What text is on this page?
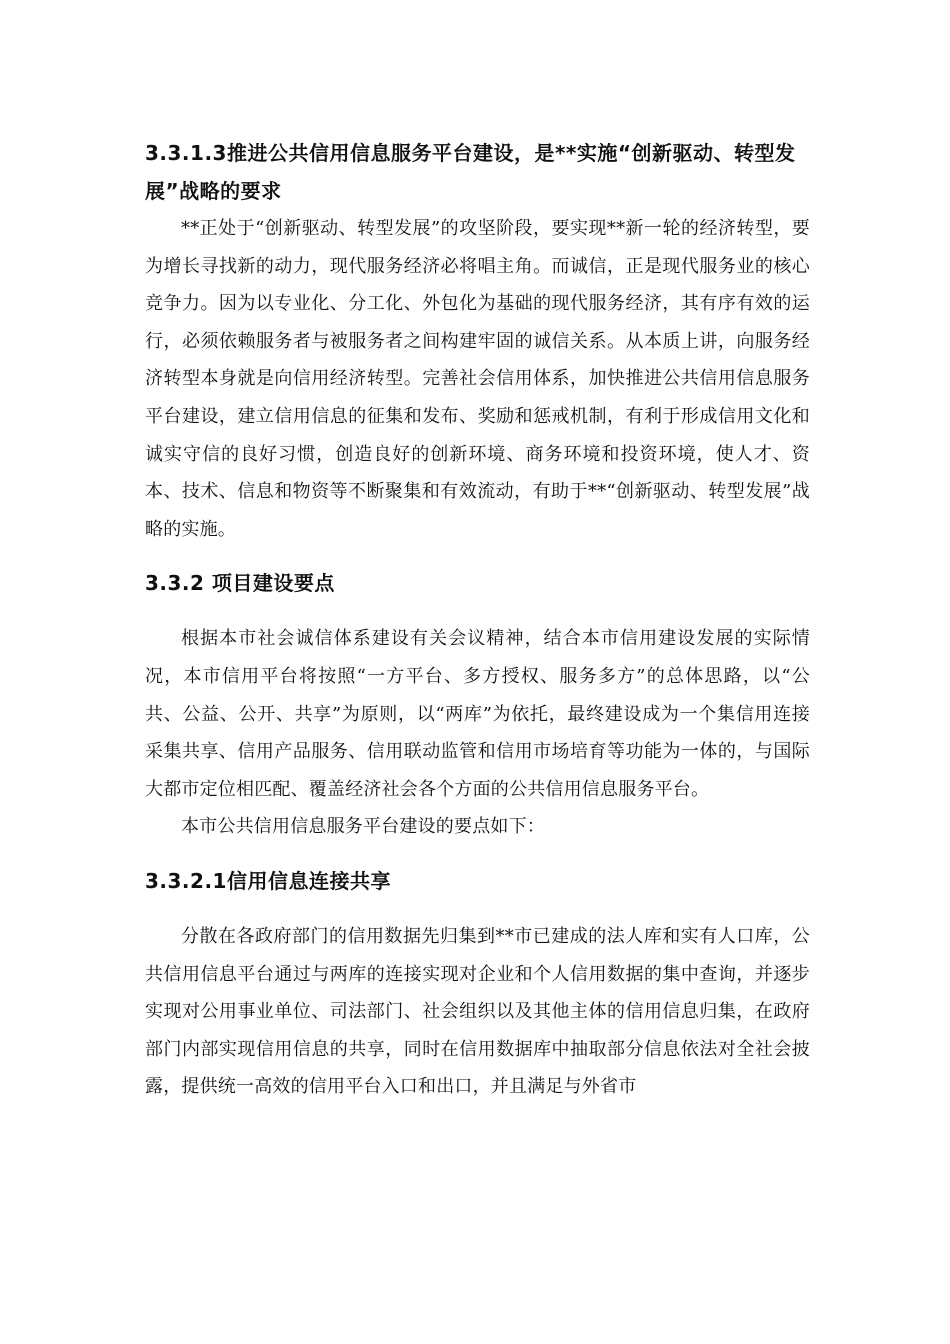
3.3.1.3推进公共信用信息服务平台建设，是**实施“创新驱动、转型发展”战略的要求

**正处于“创新驱动、转型发展”的攻坚阶段，要实现**新一轮的经济转型，要为增长寻找新的动力，现代服务经济必将唱主角。而诚信，正是现代服务业的核心竞争力。因为以专业化、分工化、外包化为基础的现代服务经济，其有序有效的运行，必须依赖服务者与被服务者之间构建牢固的诚信关系。从本质上讲，向服务经济转型本身就是向信用经济转型。完善社会信用体系，加快推进公共信用信息服务平台建设，建立信用信息的征集和发布、奖励和惩戒机制，有利于形成信用文化和诚实守信的良好习惯，创造良好的创新环境、商务环境和投资环境，使人才、资本、技术、信息和物资等不断聚集和有效流动，有助于**“创新驱动、转型发展”战略的实施。

3.3.2 项目建设要点

根据本市社会诚信体系建设有关会议精神，结合本市信用建设发展的实际情况，本市信用平台将按照“一方平台、多方授权、服务多方”的总体思路，以“公共、公益、公开、共享”为原则，以“两库”为依托，最终建设成为一个集信用连接采集共享、信用产品服务、信用联动监管和信用市场培育等功能为一体的，与国际大都市定位相匹配、覆盖经济社会各个方面的公共信用信息服务平台。

本市公共信用信息服务平台建设的要点如下：

3.3.2.1信用信息连接共享

分散在各政府部门的信用数据先归集到**市已建成的法人库和实有人口库，公共信用信息平台通过与两库的连接实现对企业和个人信用数据的集中查询，并逐步实现对公用事业单位、司法部门、社会组织以及其他主体的信用信息归集，在政府部门内部实现信用信息的共享，同时在信用数据库中抽取部分信息依法对全社会披露，提供统一高效的信用平台入口和出口，并且满足与外省市
